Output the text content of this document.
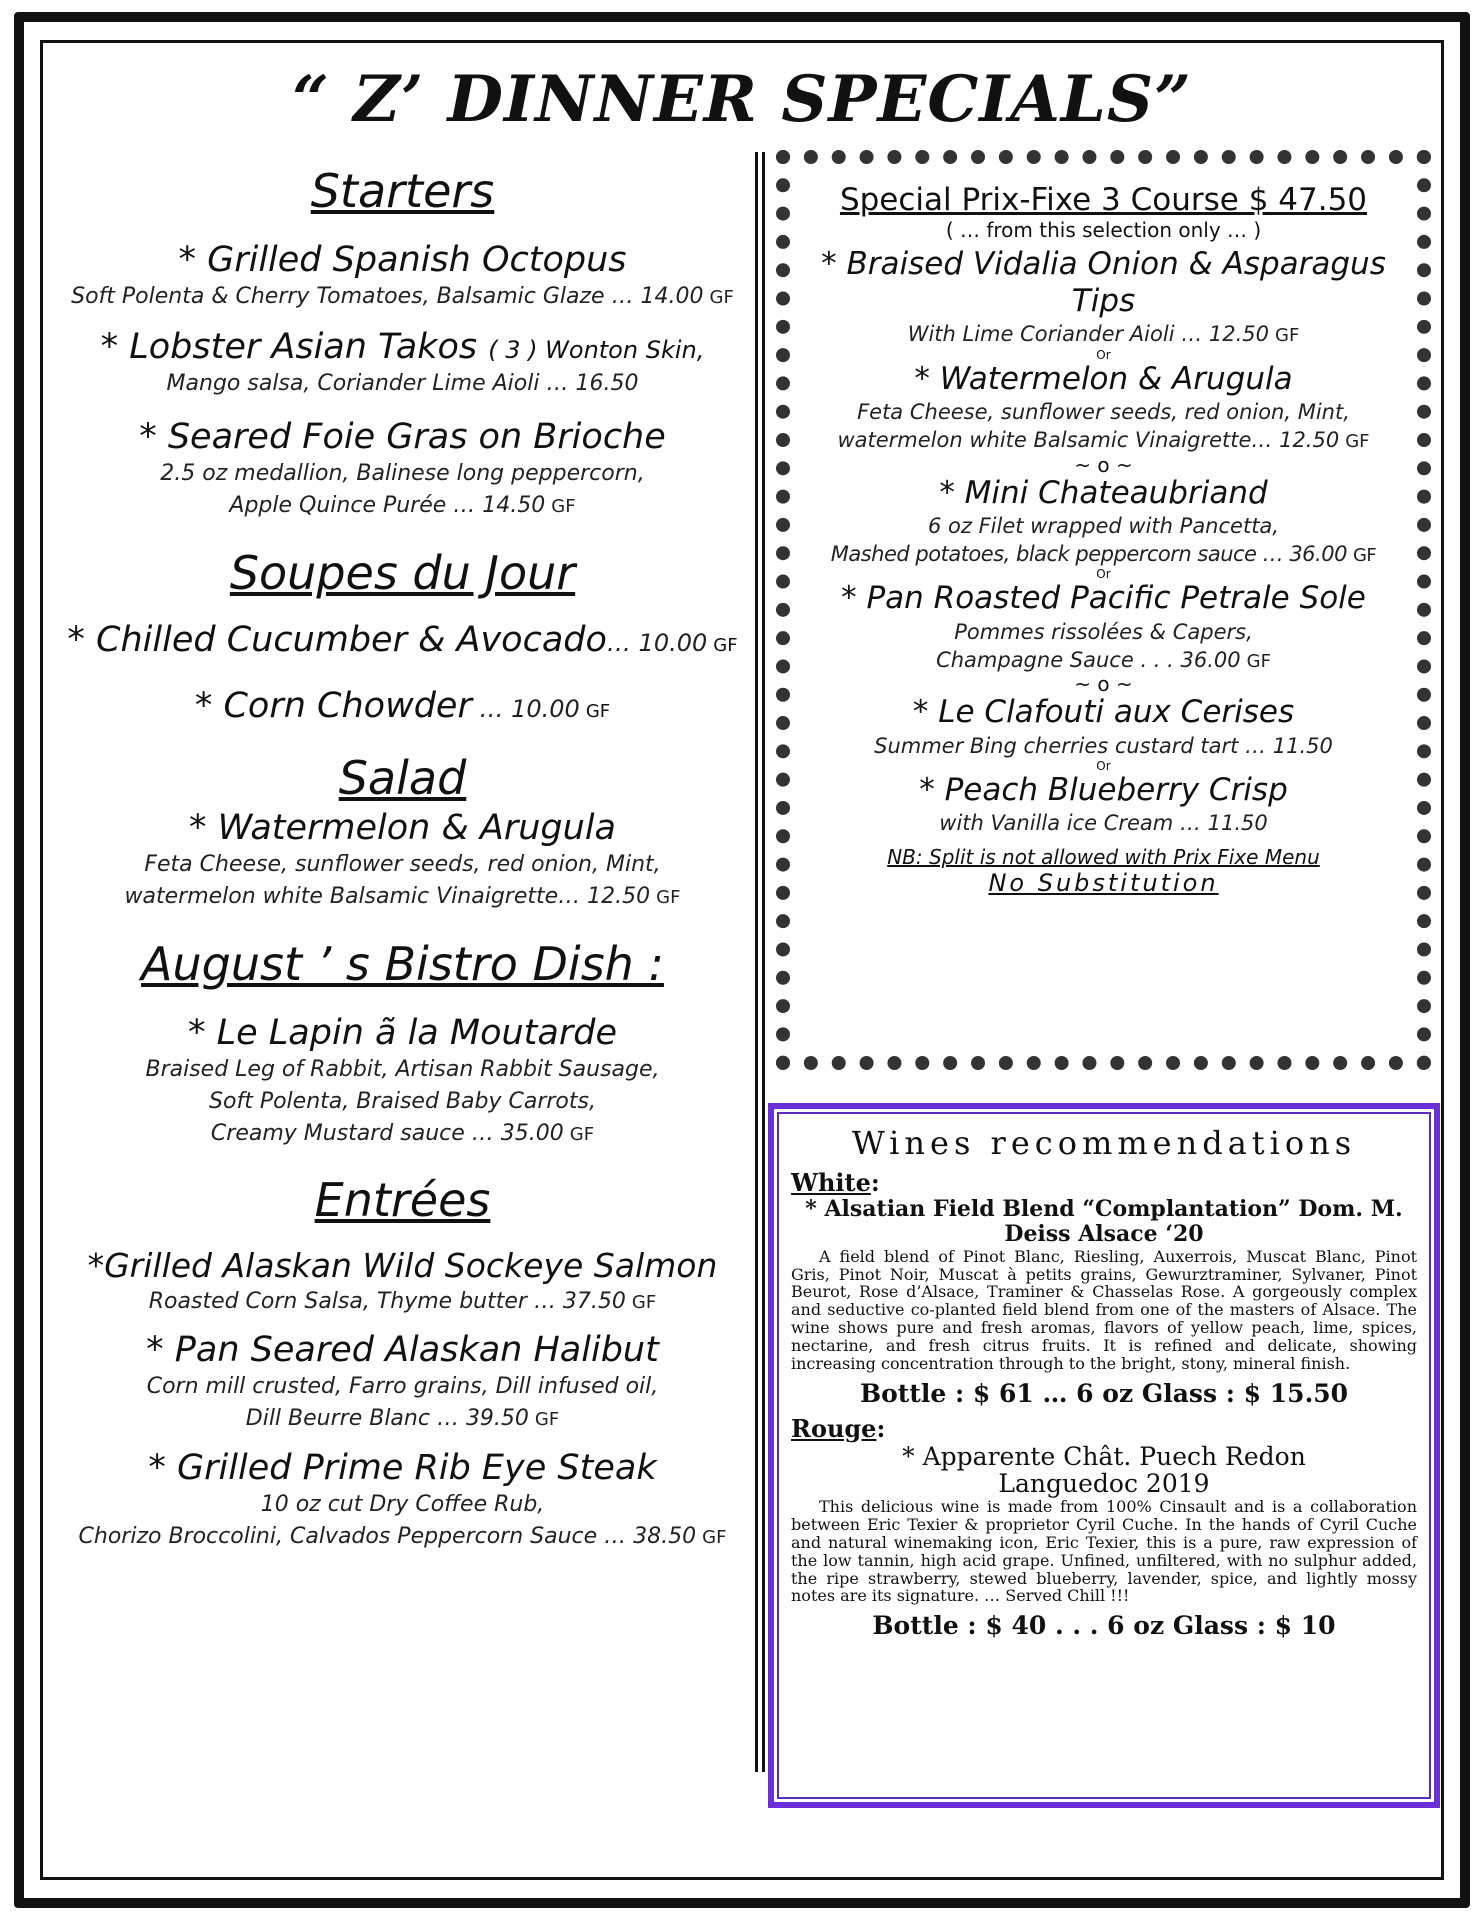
“ Z’ DINNER SPECIALS”
Starters
* Grilled Spanish Octopus
Soft Polenta & Cherry Tomatoes, Balsamic Glaze … 14.00 GF
* Lobster Asian Takos ( 3 ) Wonton Skin,
Mango salsa, Coriander Lime Aioli … 16.50
* Seared Foie Gras on Brioche
2.5 oz medallion, Balinese long peppercorn,
Apple Quince Purée … 14.50 GF
Soupes du Jour
* Chilled Cucumber & Avocado… 10.00 GF
* Corn Chowder … 10.00 GF
Salad
* Watermelon & Arugula
Feta Cheese, sunflower seeds, red onion, Mint,
watermelon white Balsamic Vinaigrette… 12.50 GF
August ’ s Bistro Dish :
* Le Lapin ã la Moutarde
Braised Leg of Rabbit, Artisan Rabbit Sausage,
Soft Polenta, Braised Baby Carrots,
Creamy Mustard sauce … 35.00 GF
Entrées
*Grilled Alaskan Wild Sockeye Salmon
Roasted Corn Salsa, Thyme butter … 37.50 GF
* Pan Seared Alaskan Halibut
Corn mill crusted, Farro grains, Dill infused oil,
Dill Beurre Blanc … 39.50 GF
* Grilled Prime Rib Eye Steak
10 oz cut Dry Coffee Rub,
Chorizo Broccolini, Calvados Peppercorn Sauce … 38.50 GF
Special Prix-Fixe 3 Course $ 47.50
( … from this selection only … )
* Braised Vidalia Onion & Asparagus Tips
With Lime Coriander Aioli … 12.50 GF
Or
* Watermelon & Arugula
Feta Cheese, sunflower seeds, red onion, Mint,
watermelon white Balsamic Vinaigrette… 12.50 GF
~ o ~
* Mini Chateaubriand
6 oz Filet wrapped with Pancetta,
Mashed potatoes, black peppercorn sauce … 36.00 GF
Or
* Pan Roasted Pacific Petrale Sole
Pommes rissolées & Capers,
Champagne Sauce . . . 36.00 GF
~ o ~
* Le Clafouti aux Cerises
Summer Bing cherries custard tart … 11.50
Or
* Peach Blueberry Crisp
with Vanilla ice Cream … 11.50
NB: Split is not allowed with Prix Fixe Menu
No Substitution
Wines recommendations
White:
* Alsatian Field Blend “Complantation” Dom. M. Deiss Alsace ‘20
A field blend of Pinot Blanc, Riesling, Auxerrois, Muscat Blanc, Pinot Gris, Pinot Noir, Muscat à petits grains, Gewurztraminer, Sylvaner, Pinot Beurot, Rose d’Alsace, Traminer & Chasselas Rose. A gorgeously complex and seductive co-planted field blend from one of the masters of Alsace. The wine shows pure and fresh aromas, flavors of yellow peach, lime, spices, nectarine, and fresh citrus fruits. It is refined and delicate, showing increasing concentration through to the bright, stony, mineral finish.
Bottle : $ 61 … 6 oz Glass : $ 15.50
Rouge:
* Apparente Chât. Puech Redon
Languedoc 2019
This delicious wine is made from 100% Cinsault and is a collaboration between Eric Texier & proprietor Cyril Cuche. In the hands of Cyril Cuche and natural winemaking icon, Eric Texier, this is a pure, raw expression of the low tannin, high acid grape. Unfined, unfiltered, with no sulphur added, the ripe strawberry, stewed blueberry, lavender, spice, and lightly mossy notes are its signature. … Served Chill !!!
Bottle : $ 40 . . . 6 oz Glass : $ 10
